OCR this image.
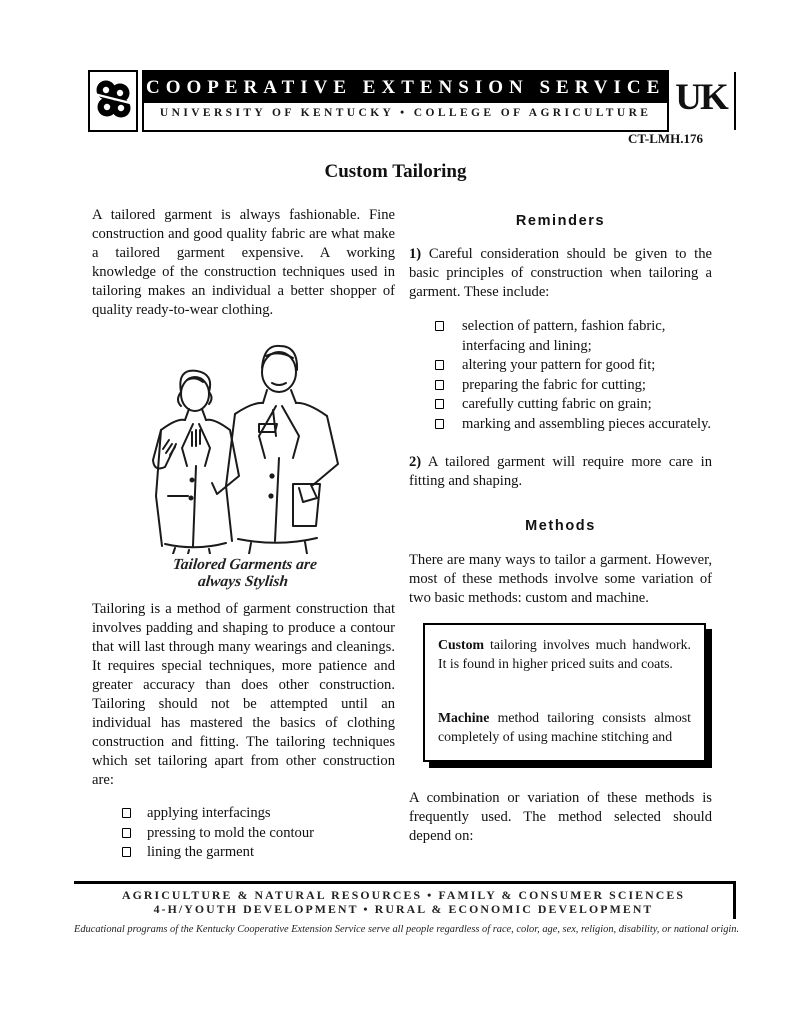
COOPERATIVE EXTENSION SERVICE
UNIVERSITY OF KENTUCKY • COLLEGE OF AGRICULTURE UK
CT-LMH.176
Custom Tailoring

A tailored garment is always fashionable. Fine construction and good quality fabric are what make a tailored garment expensive. A working knowledge of the construction techniques used in tailoring makes an individual a better shopper of quality ready-to-wear clothing.

Tailored Garments are
always Stylish

Tailoring is a method of garment construction that involves padding and shaping to produce a contour that will last through many wearings and cleanings. It requires special techniques, more patience and greater accuracy than does other construction. Tailoring should not be attempted until an individual has mastered the basics of clothing construction and fitting. The tailoring techniques which set tailoring apart from other construction are:

applying interfacings
pressing to mold the contour
lining the garment
Reminders

1) Careful consideration should be given to the basic principles of construction when tailoring a garment. These include:

selection of pattern, fashion fabric, interfacing and lining;
altering your pattern for good fit;
preparing the fabric for cutting;
carefully cutting fabric on grain;
marking and assembling pieces accurately.

2) A tailored garment will require more care in fitting and shaping.

Methods

There are many ways to tailor a garment. However, most of these methods involve some variation of two basic methods: custom and machine.

Custom tailoring involves much handwork. It is found in higher priced suits and coats.

Machine method tailoring consists almost completely of using machine stitching and

A combination or variation of these methods is frequently used. The method selected should depend on:

AGRICULTURE & NATURAL RESOURCES • FAMILY & CONSUMER SCIENCES
4-H/YOUTH DEVELOPMENT • RURAL & ECONOMIC DEVELOPMENT
Educational programs of the Kentucky Cooperative Extension Service serve all people regardless of race, color, age, sex, religion, disability, or national origin.
